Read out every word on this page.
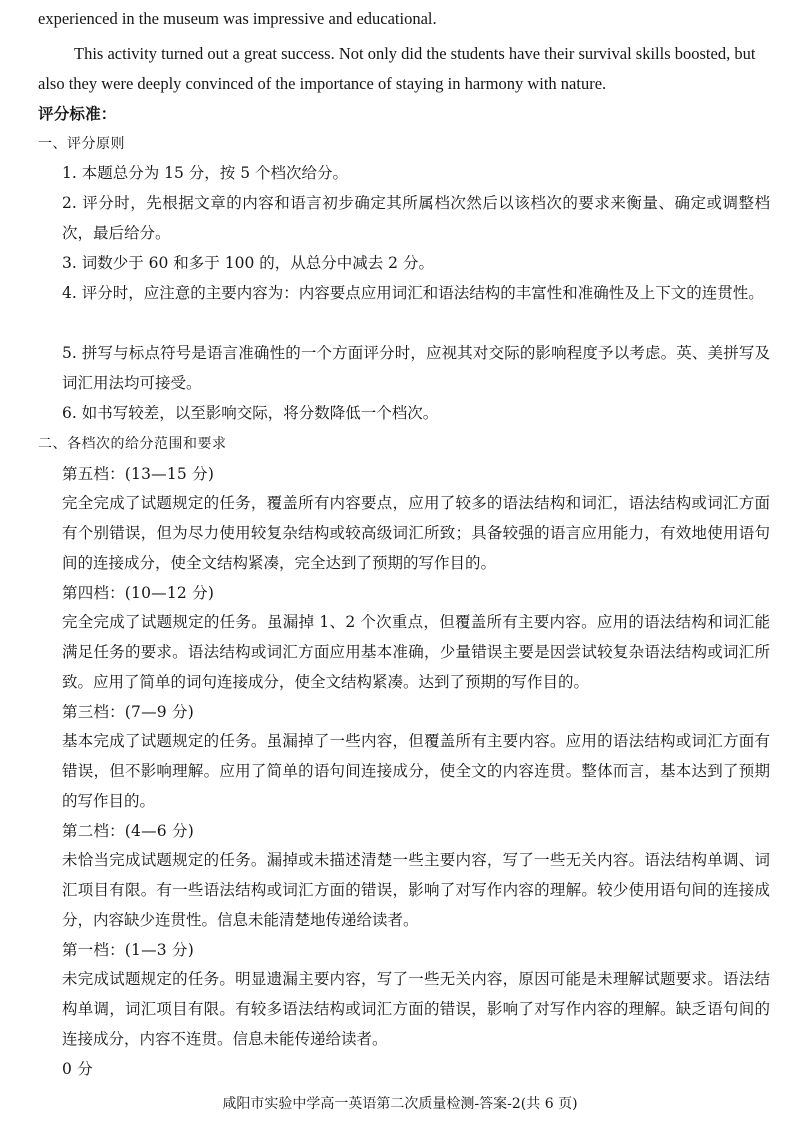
experienced in the museum was impressive and educational.

This activity turned out a great success. Not only did the students have their survival skills boosted, but also they were deeply convinced of the importance of staying in harmony with nature.

评分标准：

一、评分原则

1. 本题总分为 15 分，按 5 个档次给分。

2. 评分时，先根据文章的内容和语言初步确定其所属档次然后以该档次的要求来衡量、确定或调整档次，最后给分。

3. 词数少于 60 和多于 100 的，从总分中减去 2 分。

4. 评分时，应注意的主要内容为：内容要点应用词汇和语法结构的丰富性和准确性及上下文的连贯性。

5. 拼写与标点符号是语言准确性的一个方面评分时，应视其对交际的影响程度予以考虑。英、美拼写及词汇用法均可接受。

6. 如书写较差，以至影响交际，将分数降低一个档次。

二、各档次的给分范围和要求

第五档：(13—15 分)

完全完成了试题规定的任务，覆盖所有内容要点，应用了较多的语法结构和词汇，语法结构或词汇方面有个别错误，但为尽力使用较复杂结构或较高级词汇所致；具备较强的语言应用能力，有效地使用语句间的连接成分，使全文结构紧凑，完全达到了预期的写作目的。

第四档：(10—12 分)

完全完成了试题规定的任务。虽漏掉 1、2 个次重点，但覆盖所有主要内容。应用的语法结构和词汇能满足任务的要求。语法结构或词汇方面应用基本准确，少量错误主要是因尝试较复杂语法结构或词汇所致。应用了简单的词句连接成分，使全文结构紧凑。达到了预期的写作目的。

第三档：(7—9 分)

基本完成了试题规定的任务。虽漏掉了一些内容，但覆盖所有主要内容。应用的语法结构或词汇方面有错误，但不影响理解。应用了简单的语句间连接成分，使全文的内容连贯。整体而言，基本达到了预期的写作目的。

第二档：(4—6 分)

未恰当完成试题规定的任务。漏掉或未描述清楚一些主要内容，写了一些无关内容。语法结构单调、词汇项目有限。有一些语法结构或词汇方面的错误，影响了对写作内容的理解。较少使用语句间的连接成分，内容缺少连贯性。信息未能清楚地传递给读者。

第一档：(1—3 分)

未完成试题规定的任务。明显遗漏主要内容，写了一些无关内容，原因可能是未理解试题要求。语法结构单调，词汇项目有限。有较多语法结构或词汇方面的错误，影响了对写作内容的理解。缺乏语句间的连接成分，内容不连贯。信息未能传递给读者。

0 分

咸阳市实验中学高一英语第二次质量检测-答案-2(共 6 页)
